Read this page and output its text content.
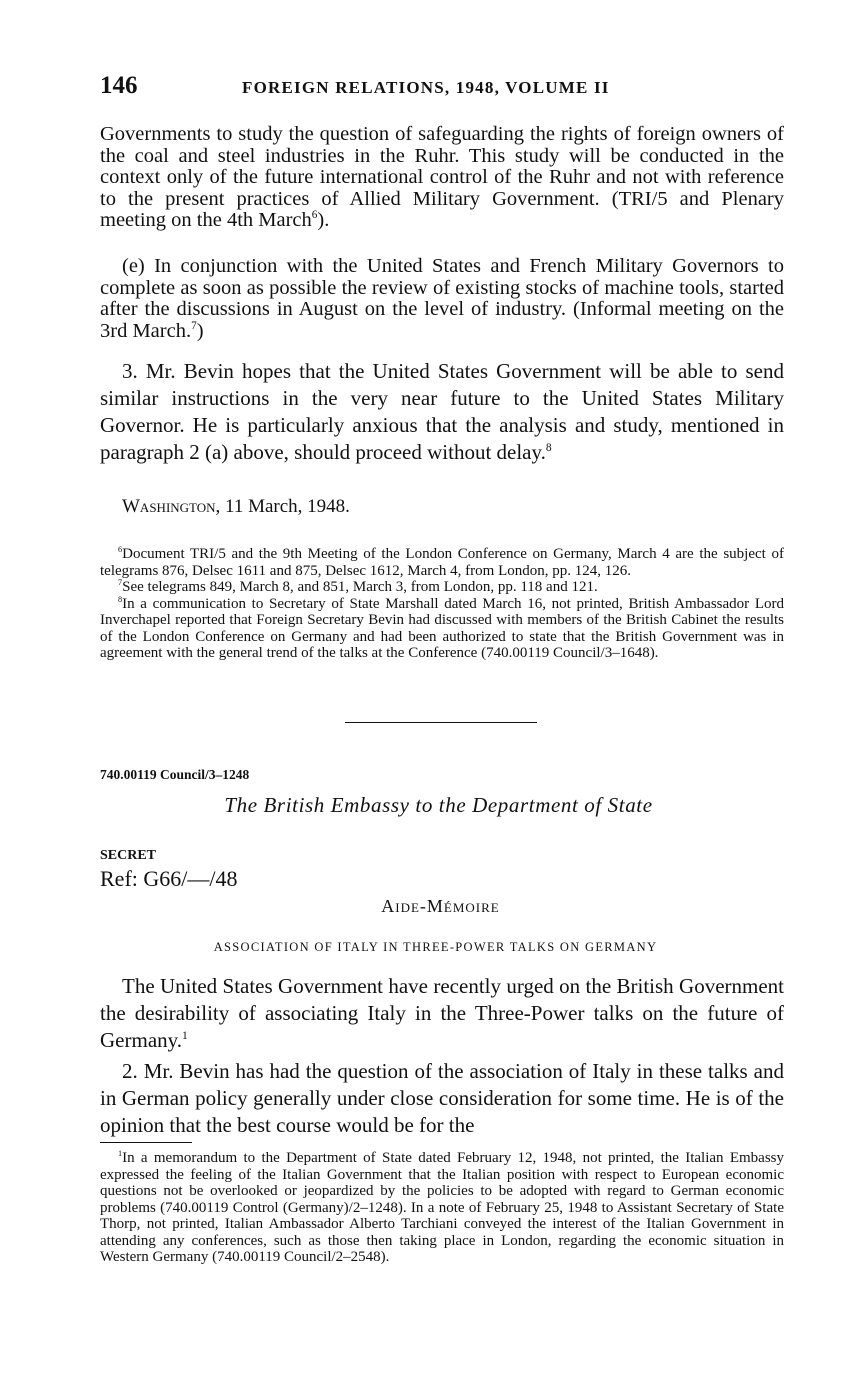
146	FOREIGN RELATIONS, 1948, VOLUME II

Governments to study the question of safeguarding the rights of foreign owners of the coal and steel industries in the Ruhr. This study will be conducted in the context only of the future international control of the Ruhr and not with reference to the present practices of Allied Military Government. (TRI/5 and Plenary meeting on the 4th March$^6$).

(e) In conjunction with the United States and French Military Governors to complete as soon as possible the review of existing stocks of machine tools, started after the discussions in August on the level of industry. (Informal meeting on the 3rd March.$^7$)

3. Mr. Bevin hopes that the United States Government will be able to send similar instructions in the very near future to the United States Military Governor. He is particularly anxious that the analysis and study, mentioned in paragraph 2 (a) above, should proceed without delay.$^8$

Washington, 11 March, 1948.

$^6$Document TRI/5 and the 9th Meeting of the London Conference on Germany, March 4 are the subject of telegrams 876, Delsec 1611 and 875, Delsec 1612, March 4, from London, pp. 124, 126.

$^7$See telegrams 849, March 8, and 851, March 3, from London, pp. 118 and 121.

$^8$In a communication to Secretary of State Marshall dated March 16, not printed, British Ambassador Lord Inverchapel reported that Foreign Secretary Bevin had discussed with members of the British Cabinet the results of the London Conference on Germany and had been authorized to state that the British Government was in agreement with the general trend of the talks at the Conference (740.00119 Council/3–1648).

740.00119 Council/3–1248
The British Embassy to the Department of State
SECRET
Ref: G66/—/48
Aide-Mémoire
ASSOCIATION OF ITALY IN THREE-POWER TALKS ON GERMANY

The United States Government have recently urged on the British Government the desirability of associating Italy in the Three-Power talks on the future of Germany.$^1$

2. Mr. Bevin has had the question of the association of Italy in these talks and in German policy generally under close consideration for some time. He is of the opinion that the best course would be for the

$^1$In a memorandum to the Department of State dated February 12, 1948, not printed, the Italian Embassy expressed the feeling of the Italian Government that the Italian position with respect to European economic questions not be overlooked or jeopardized by the policies to be adopted with regard to German economic problems (740.00119 Control (Germany)/2–1248). In a note of February 25, 1948 to Assistant Secretary of State Thorp, not printed, Italian Ambassador Alberto Tarchiani conveyed the interest of the Italian Government in attending any conferences, such as those then taking place in London, regarding the economic situation in Western Germany (740.00119 Council/2–2548).
